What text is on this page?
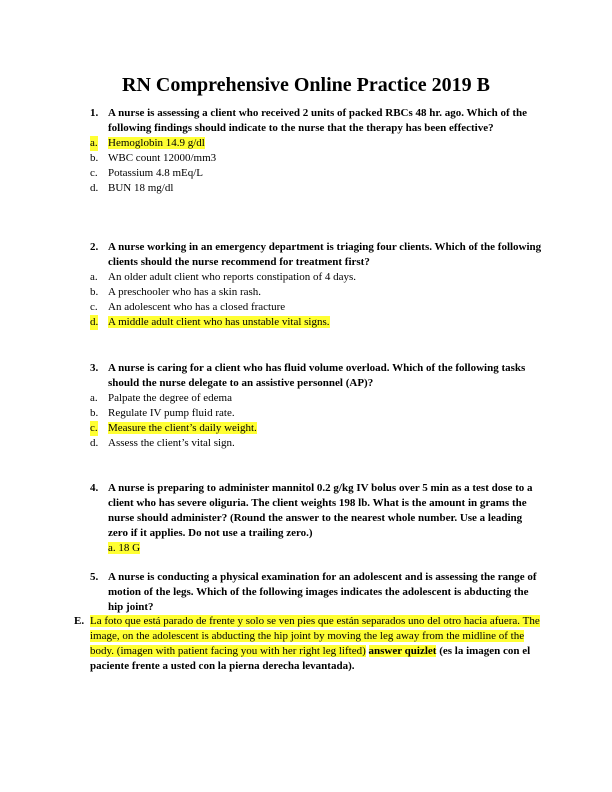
RN Comprehensive Online Practice 2019 B
1. A nurse is assessing a client who received 2 units of packed RBCs 48 hr. ago. Which of the following findings should indicate to the nurse that the therapy has been effective?
a. Hemoglobin 14.9 g/dl
b. WBC count 12000/mm3
c. Potassium 4.8 mEq/L
d. BUN 18 mg/dl
2. A nurse working in an emergency department is triaging four clients. Which of the following clients should the nurse recommend for treatment first?
a. An older adult client who reports constipation of 4 days.
b. A preschooler who has a skin rash.
c. An adolescent who has a closed fracture
d. A middle adult client who has unstable vital signs.
3. A nurse is caring for a client who has fluid volume overload. Which of the following tasks should the nurse delegate to an assistive personnel (AP)?
a. Palpate the degree of edema
b. Regulate IV pump fluid rate.
c. Measure the client’s daily weight.
d. Assess the client’s vital sign.
4. A nurse is preparing to administer mannitol 0.2 g/kg IV bolus over 5 min as a test dose to a client who has severe oliguria. The client weights 198 lb. What is the amount in grams the nurse should administer? (Round the answer to the nearest whole number. Use a leading zero if it applies. Do not use a trailing zero.)
a. 18 G
5. A nurse is conducting a physical examination for an adolescent and is assessing the range of motion of the legs. Which of the following images indicates the adolescent is abducting the hip joint?
E. La foto que está parado de frente y solo se ven pies que están separados uno del otro hacia afuera. The image, on the adolescent is abducting the hip joint by moving the leg away from the midline of the body. (imagen with patient facing you with her right leg lifted) answer quizlet (es la imagen con el paciente frente a usted con la pierna derecha levantada).
